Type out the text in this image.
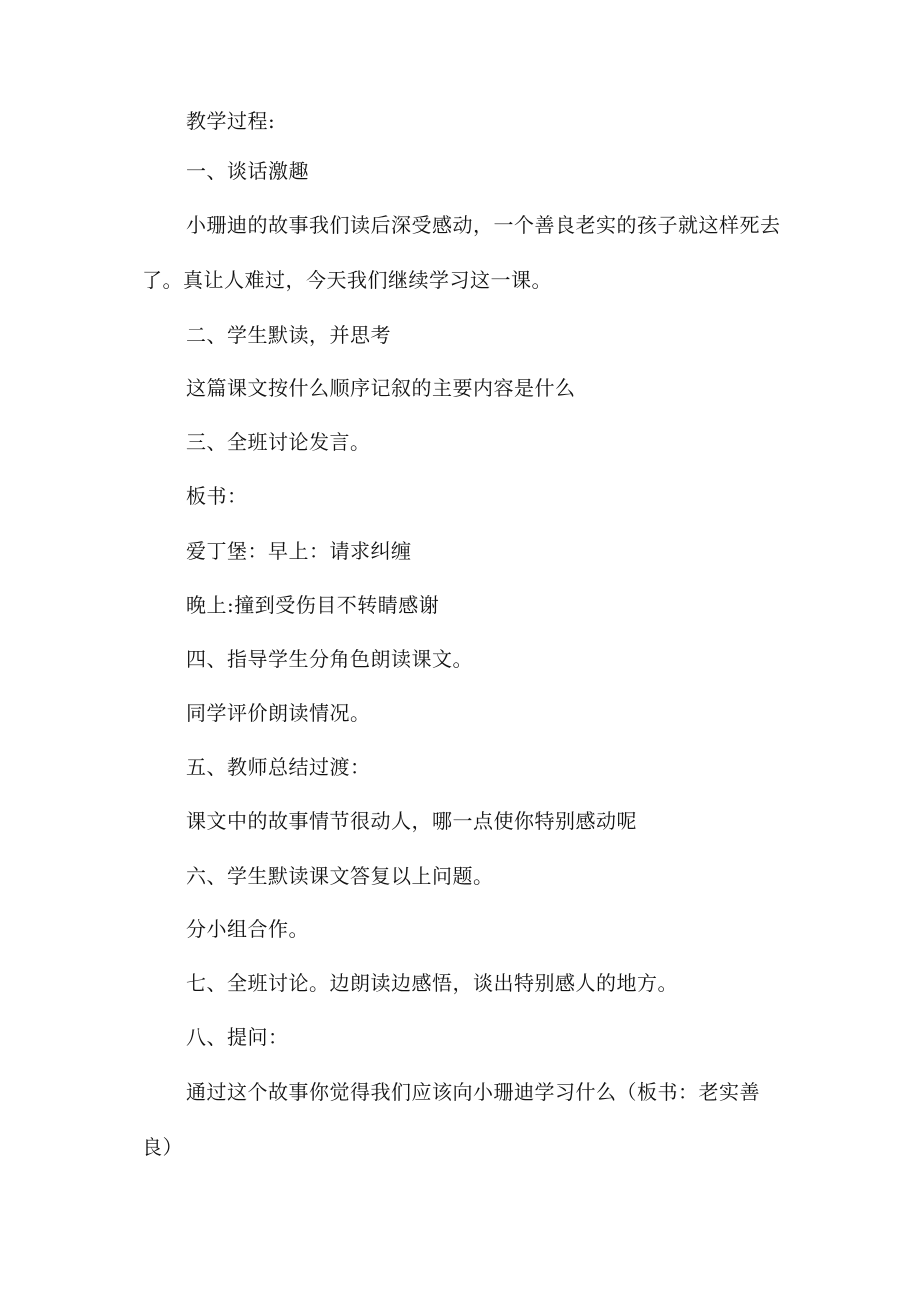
教学过程:
一、谈话激趣
小珊迪的故事我们读后深受感动，一个善良老实的孩子就这样死去
了。真让人难过，今天我们继续学习这一课。
二、学生默读，并思考
这篇课文按什么顺序记叙的主要内容是什么
三、全班讨论发言。
板书：
爱丁堡：早上：请求纠缠
晚上:撞到受伤目不转睛感谢
四、指导学生分角色朗读课文。
同学评价朗读情况。
五、教师总结过渡：
课文中的故事情节很动人，哪一点使你特别感动呢
六、学生默读课文答复以上问题。
分小组合作。
七、全班讨论。边朗读边感悟，谈出特别感人的地方。
八、提问：
通过这个故事你觉得我们应该向小珊迪学习什么（板书：老实善
良）
